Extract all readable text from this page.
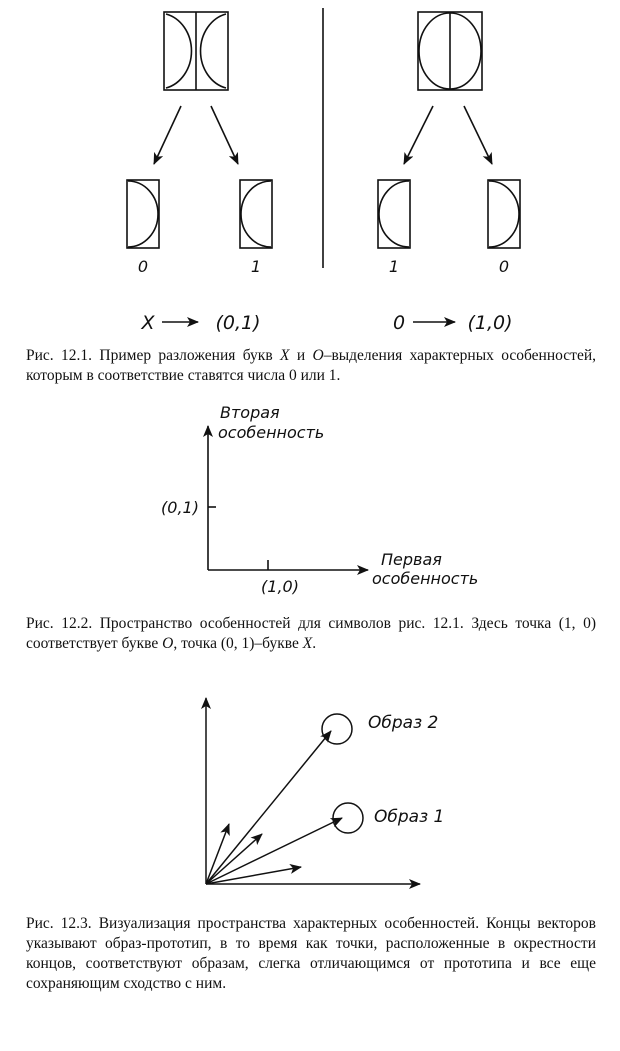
0	1	1	0
X	(0,1)	0	(1,0)
Вторая
особенность
Первая
особенность
(0,1)
(1,0)
Образ 2
Образ 1

Рис. 12.1. Пример разложения букв X и O–выделения характерных особенностей, которым в соответствие ставятся числа 0 или 1.

Рис. 12.2. Пространство особенностей для символов рис. 12.1. Здесь точка (1, 0) соответствует букве O, точка (0, 1)–букве X.

Рис. 12.3. Визуализация пространства характерных особенностей. Концы векторов указывают образ-прототип, в то время как точки, расположенные в окрестности концов, соответствуют образам, слегка отличающимся от прототипа и все еще сохраняющим сходство с ним.
